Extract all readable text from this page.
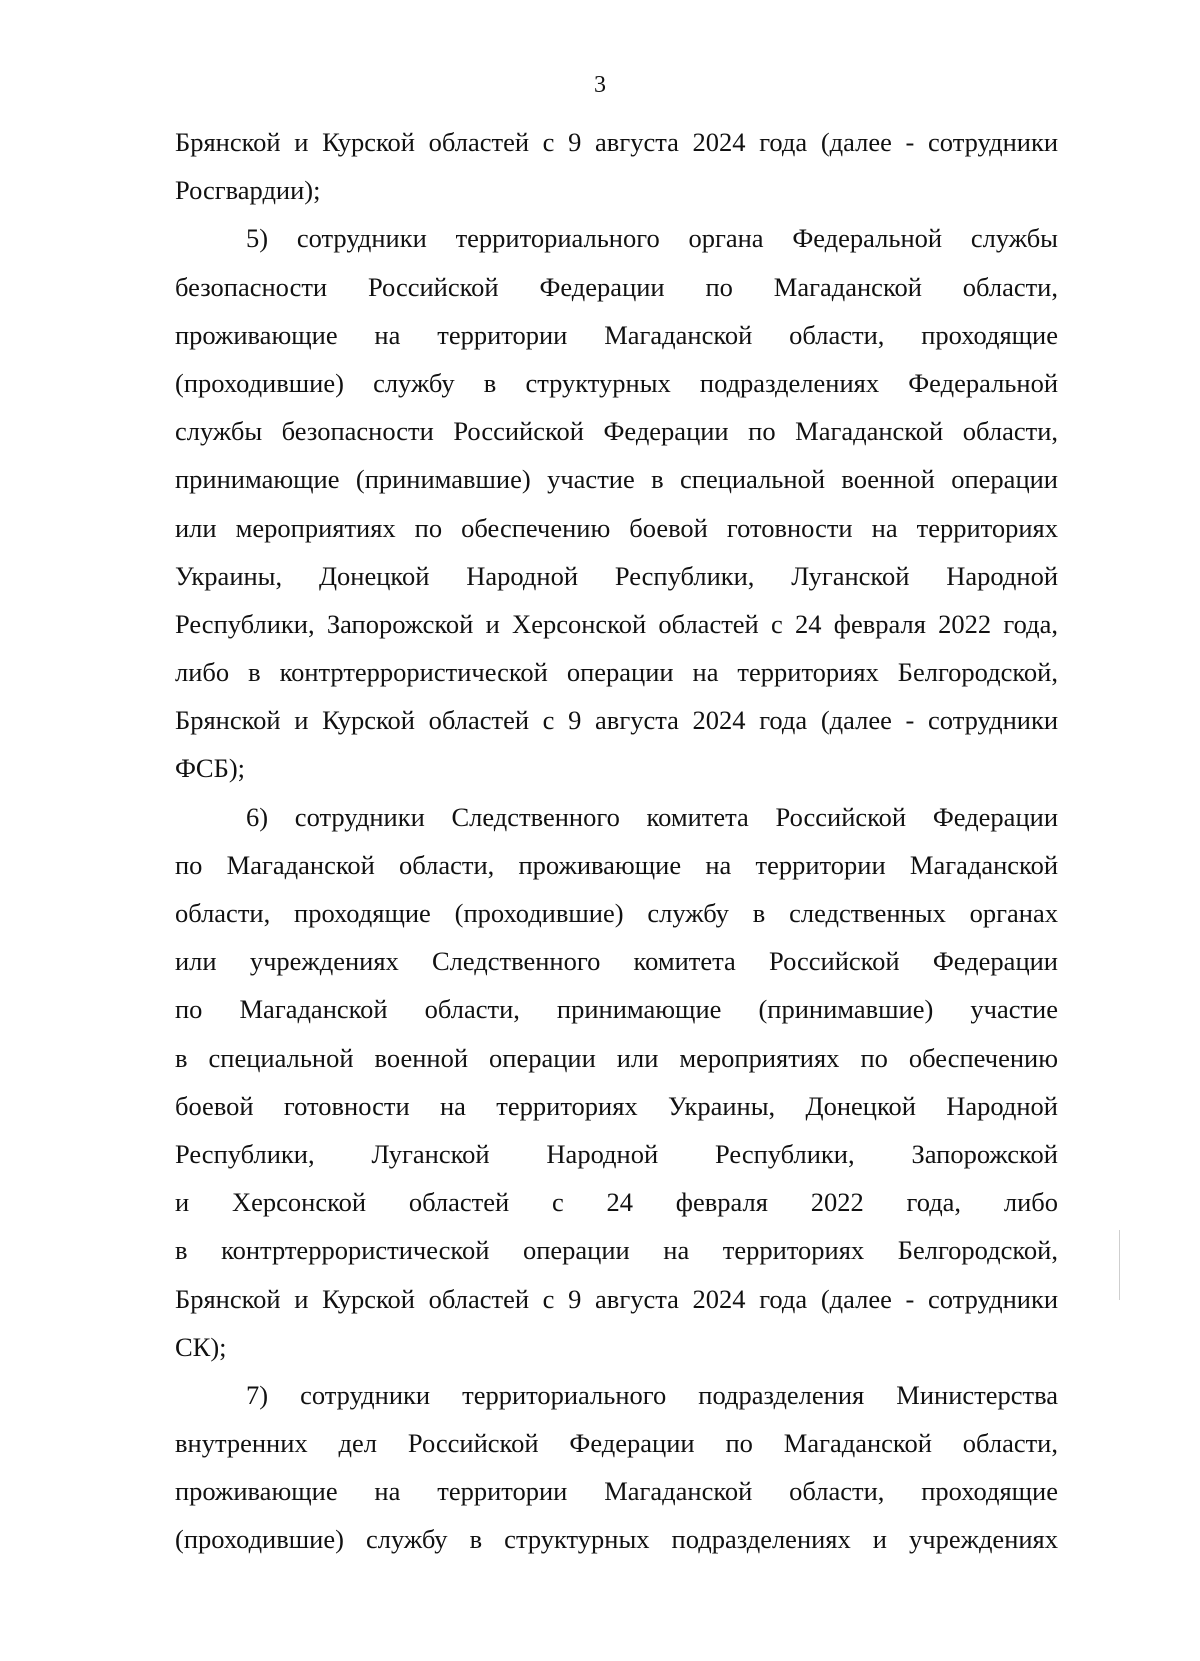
3
Брянской и Курской областей с 9 августа 2024 года (далее - сотрудники
Росгвардии);
5) сотрудники территориального органа Федеральной службы
безопасности Российской Федерации по Магаданской области,
проживающие на территории Магаданской области, проходящие
(проходившие) службу в структурных подразделениях Федеральной
службы безопасности Российской Федерации по Магаданской области,
принимающие (принимавшие) участие в специальной военной операции
или мероприятиях по обеспечению боевой готовности на территориях
Украины, Донецкой Народной Республики, Луганской Народной
Республики, Запорожской и Херсонской областей с 24 февраля 2022 года,
либо в контртеррористической операции на территориях Белгородской,
Брянской и Курской областей с 9 августа 2024 года (далее - сотрудники
ФСБ);
6) сотрудники Следственного комитета Российской Федерации
по Магаданской области, проживающие на территории Магаданской
области, проходящие (проходившие) службу в следственных органах
или учреждениях Следственного комитета Российской Федерации
по Магаданской области, принимающие (принимавшие) участие
в специальной военной операции или мероприятиях по обеспечению
боевой готовности на территориях Украины, Донецкой Народной
Республики, Луганской Народной Республики, Запорожской
и Херсонской областей с 24 февраля 2022 года, либо
в контртеррористической операции на территориях Белгородской,
Брянской и Курской областей с 9 августа 2024 года (далее - сотрудники
СК);
7) сотрудники территориального подразделения Министерства
внутренних дел Российской Федерации по Магаданской области,
проживающие на территории Магаданской области, проходящие
(проходившие) службу в структурных подразделениях и учреждениях
